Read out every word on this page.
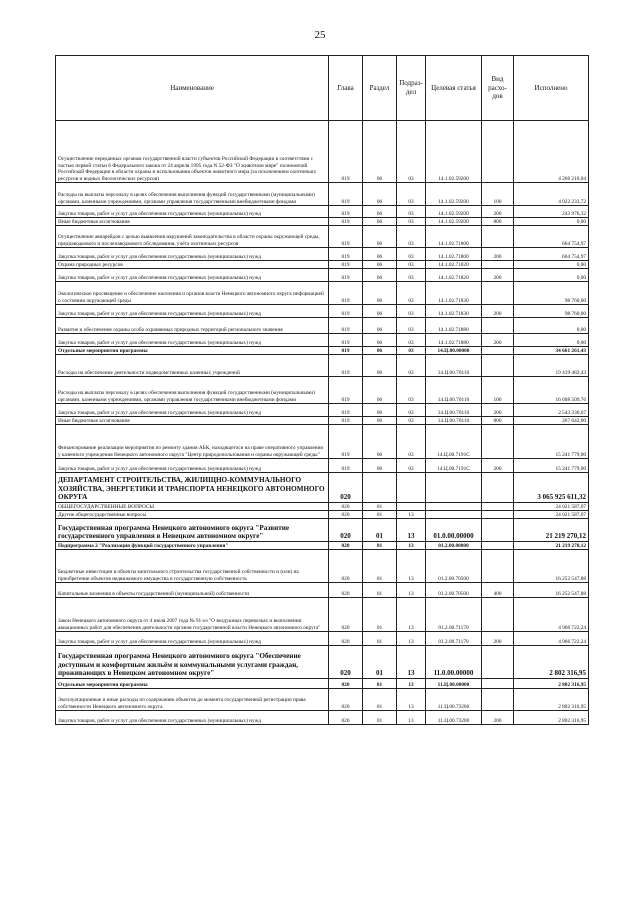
25
Наименование	Глава	Раздел	Подраз-дел	Целевая статья	Вид расхо-дов	Исполнено
Осуществление переданных органам государственной власти субъектов Российской Федерации в соответствии с частью первой статьи 6 Федерального закона от 24 апреля 1995 года N 52-ФЗ "О животном мире" полномочий Российской Федерации в области охраны и использования объектов животного мира (за исключением охотничьих ресурсов и водных биологических ресурсов)	019	06	03	14.1.02.59200		4 266 210,04
Расходы на выплаты персоналу в целях обеспечения выполнения функций государственными (муниципальными) органами, казенными учреждениями, органами управления государственными внебюджетными фондами	019	06	03	14.1.02.59200	100	4 022 233,72
Закупка товаров, работ и услуг для обеспечения государственных (муниципальных) нужд	019	06	03	14.1.02.59200	200	243 976,32
Иные бюджетные ассигнования	019	06	03	14.1.02.59200	800	0,00
Осуществление авиарейдов с целью выявления нарушений законодательства в области охраны окружающей среды, предпаводкового и послепаводкового обследования, учёта охотничьих ресурсов	019	06	03	14.1.02.71800		664 754,97
Закупка товаров, работ и услуг для обеспечения государственных (муниципальных) нужд	019	06	03	14.1.02.71800	200	664 754,97
Охрана природных ресурсов	019	06	03	14.1.02.71820		0,00
Закупка товаров, работ и услуг для обеспечения государственных (муниципальных) нужд	019	06	03	14.1.02.71820	200	0,00
Экологическое просвещение и обеспечение населения и органов власти Ненецкого автономного округа информацией о состоянии окружающей среды	019	06	03	14.1.02.71830		98 760,00
Закупка товаров, работ и услуг для обеспечения государственных (муниципальных) нужд	019	06	03	14.1.02.71830	200	98 760,00
Развитие и обеспечение охраны особо охраняемых природных территорий регионального значения	019	06	03	14.1.02.71880		0,00
Закупка товаров, работ и услуг для обеспечения государственных (муниципальных) нужд	019	06	03	14.1.02.71880	200	0,00
Отдельные мероприятия программы	019	06	03	14.Ц.00.00000		34 661 261,43
Расходы на обеспечение деятельности подведомственных казенных учреждений	019	06	03	14.Ц.00.70110		19 419 482,43
Расходы на выплаты персоналу в целях обеспечения выполнения функций государственными (муниципальными) органами, казенными учреждениями, органами управления государственными внебюджетными фондами	019	06	03	14.Ц.00.70110	100	16 608 509,76
Закупка товаров, работ и услуг для обеспечения государственных (муниципальных) нужд	019	06	03	14.Ц.00.70110	200	2 543 330,67
Иные бюджетные ассигнования	019	06	03	14.Ц.00.70110	800	267 642,00
Финансирование реализации мероприятия по ремонту здания АБК, находящегося на праве оперативного управления у казенного учреждения Ненецкого автономного округа "Центр природопользования и охраны окружающей среды"	019	06	03	14.Ц.00.7191С		15 241 779,00
Закупка товаров, работ и услуг для обеспечения государственных (муниципальных) нужд	019	06	03	14.Ц.00.7191С	200	15 241 779,00
ДЕПАРТАМЕНТ СТРОИТЕЛЬСТВА, ЖИЛИЩНО-КОММУНАЛЬНОГО ХОЗЯЙСТВА, ЭНЕРГЕТИКИ И ТРАНСПОРТА НЕНЕЦКОГО АВТОНОМНОГО ОКРУГА	020					3 065 925 611,32
ОБЩЕГОСУДАРСТВЕННЫЕ ВОПРОСЫ	020	01				24 021 587,07
Другие общегосударственные вопросы	020	01	13			24 021 587,07
Государственная программа Ненецкого автономного округа "Развитие государственного управления в Ненецком автономном округе"	020	01	13	01.0.00.00000		21 219 270,12
Подпрограмма 2 "Реализация функций государственного управления"	020	01	13	01.2.00.00000		21 219 270,12
Бюджетные инвестиции в объекты капитального строительства государственной собственности и (или) на приобретение объектов недвижимого имущества в государственную собственность	020	01	13	01.2.00.70500		16 252 547,88
Капитальные вложения в объекты государственной (муниципальной) собственности	020	01	13	01.2.00.70500	400	16 252 547,88
Закон Ненецкого автономного округа от 4 июля 2007 года № 91-оз "О воздушных перевозках и выполнении авиационных работ для обеспечения деятельности органов государственной власти Ненецкого автономного округа"	020	01	13	01.2.00.71170		4 966 722,24
Закупка товаров, работ и услуг для обеспечения государственных (муниципальных) нужд	020	01	13	01.2.00.71170	200	4 966 722,24
Государственная программа Ненецкого автономного округа "Обеспечение доступным и комфортным жильём и коммунальными услугами граждан, проживающих в Ненецком автономном округе"	020	01	13	11.0.00.00000		2 802 316,95
Отдельные мероприятия программы	020	01	13	11.Ц.00.00000		2 802 316,95
Эксплуатационные и иные расходы по содержанию объектов до момента государственной регистрации права собственности Ненецкого автономного округа	020	01	13	11.Ц.00.73200		2 802 316,95
Закупка товаров, работ и услуг для обеспечения государственных (муниципальных) нужд	020	01	13	11.Ц.00.73200	200	2 802 316,95
